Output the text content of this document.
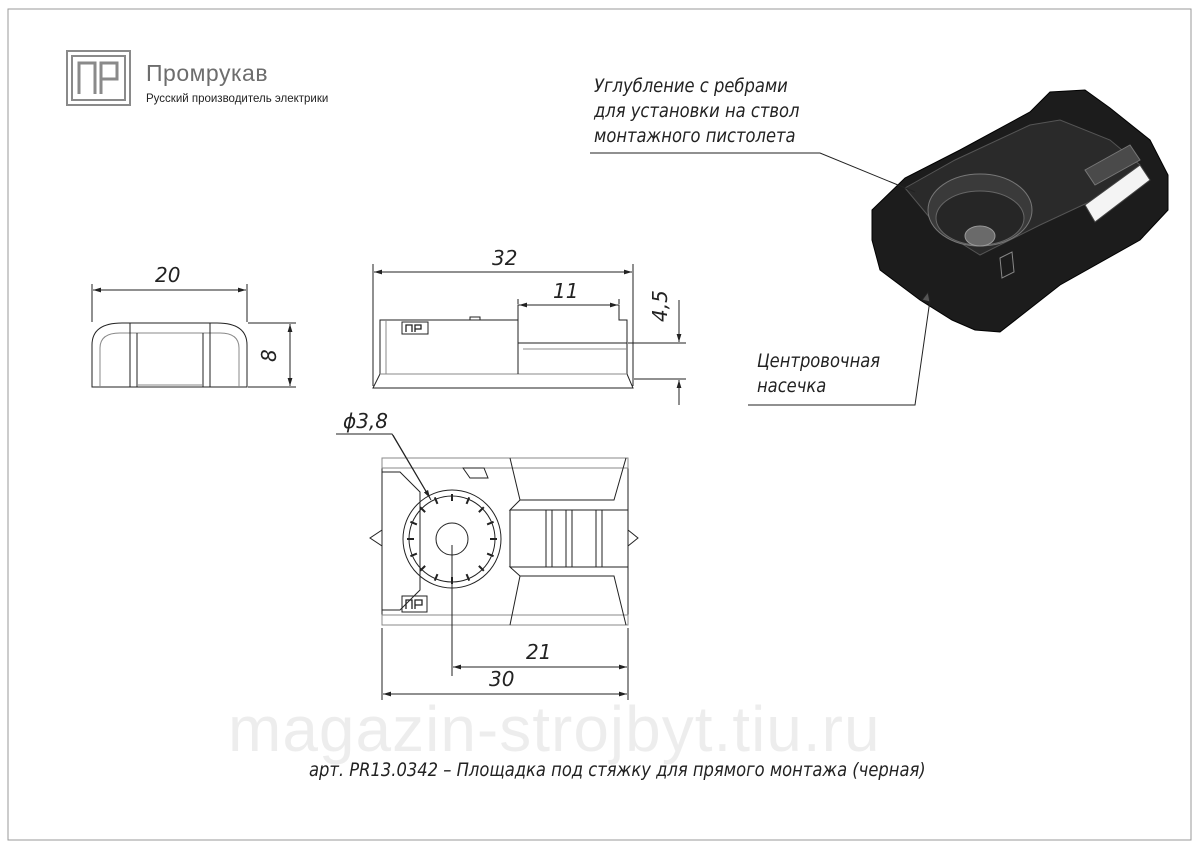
20
8
32
11	4,5
ϕ3,8
21
30
Промрукав
Русский производитель электрики
Углубление с ребрами
для установки на ствол
монтажного пистолета
Центровочная
насечка
magazin-strojbyt.tiu.ru
арт. PR13.0342 – Площадка под стяжку для прямого монтажа (черная)
